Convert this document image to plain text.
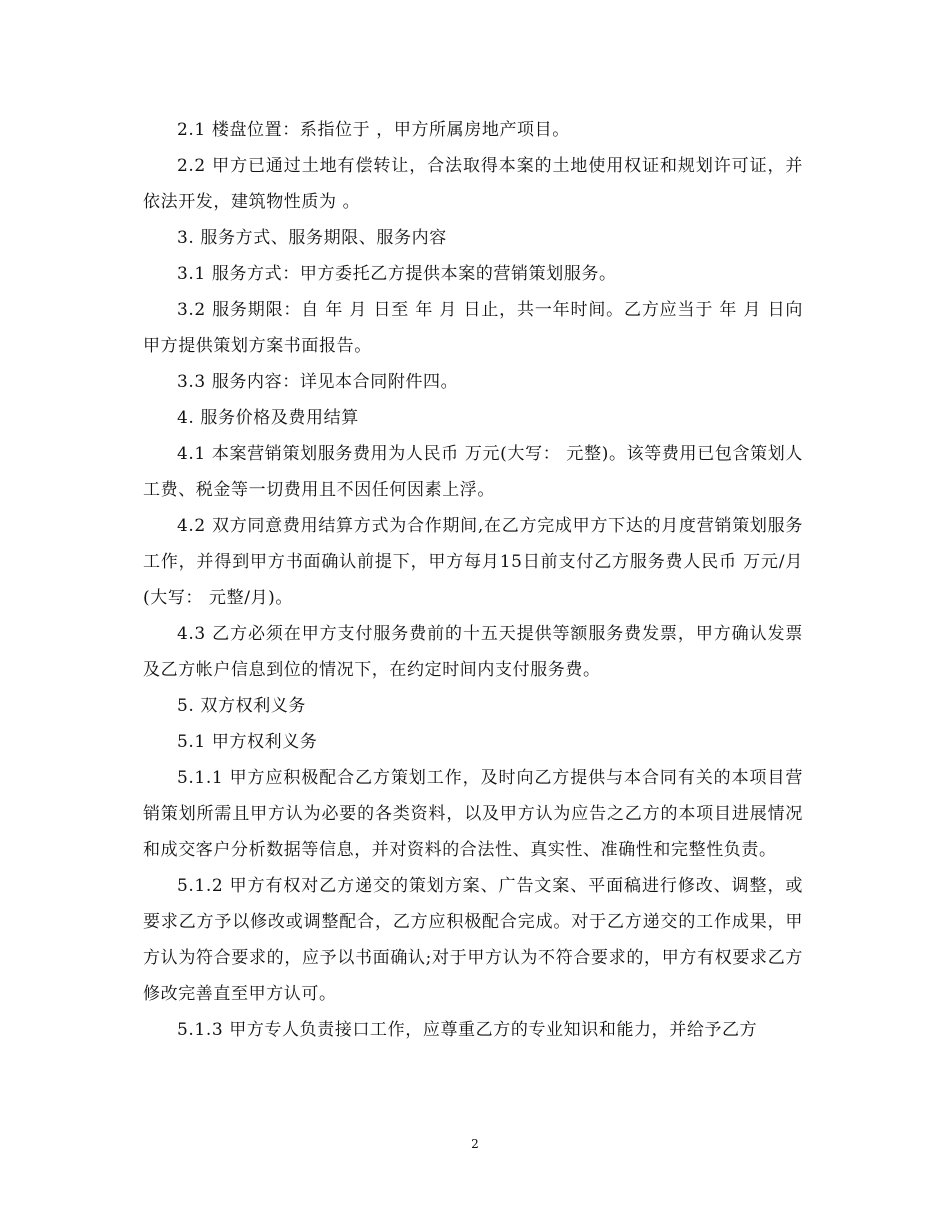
2.1 楼盘位置：系指位于 ，甲方所属房地产项目。

2.2 甲方已通过土地有偿转让，合法取得本案的土地使用权证和规划许可证，并依法开发，建筑物性质为 。

3. 服务方式、服务期限、服务内容

3.1 服务方式：甲方委托乙方提供本案的营销策划服务。

3.2 服务期限：自 年 月 日至 年 月 日止，共一年时间。乙方应当于 年 月 日向甲方提供策划方案书面报告。

3.3 服务内容：详见本合同附件四。

4. 服务价格及费用结算

4.1 本案营销策划服务费用为人民币 万元(大写： 元整)。该等费用已包含策划人工费、税金等一切费用且不因任何因素上浮。

4.2 双方同意费用结算方式为合作期间,在乙方完成甲方下达的月度营销策划服务工作，并得到甲方书面确认前提下，甲方每月15日前支付乙方服务费人民币 万元/月(大写： 元整/月)。

4.3 乙方必须在甲方支付服务费前的十五天提供等额服务费发票，甲方确认发票及乙方帐户信息到位的情况下，在约定时间内支付服务费。

5. 双方权利义务

5.1 甲方权利义务

5.1.1 甲方应积极配合乙方策划工作，及时向乙方提供与本合同有关的本项目营销策划所需且甲方认为必要的各类资料，以及甲方认为应告之乙方的本项目进展情况和成交客户分析数据等信息，并对资料的合法性、真实性、准确性和完整性负责。

5.1.2 甲方有权对乙方递交的策划方案、广告文案、平面稿进行修改、调整，或要求乙方予以修改或调整配合，乙方应积极配合完成。对于乙方递交的工作成果，甲方认为符合要求的，应予以书面确认;对于甲方认为不符合要求的，甲方有权要求乙方修改完善直至甲方认可。

5.1.3 甲方专人负责接口工作，应尊重乙方的专业知识和能力，并给予乙方

2
